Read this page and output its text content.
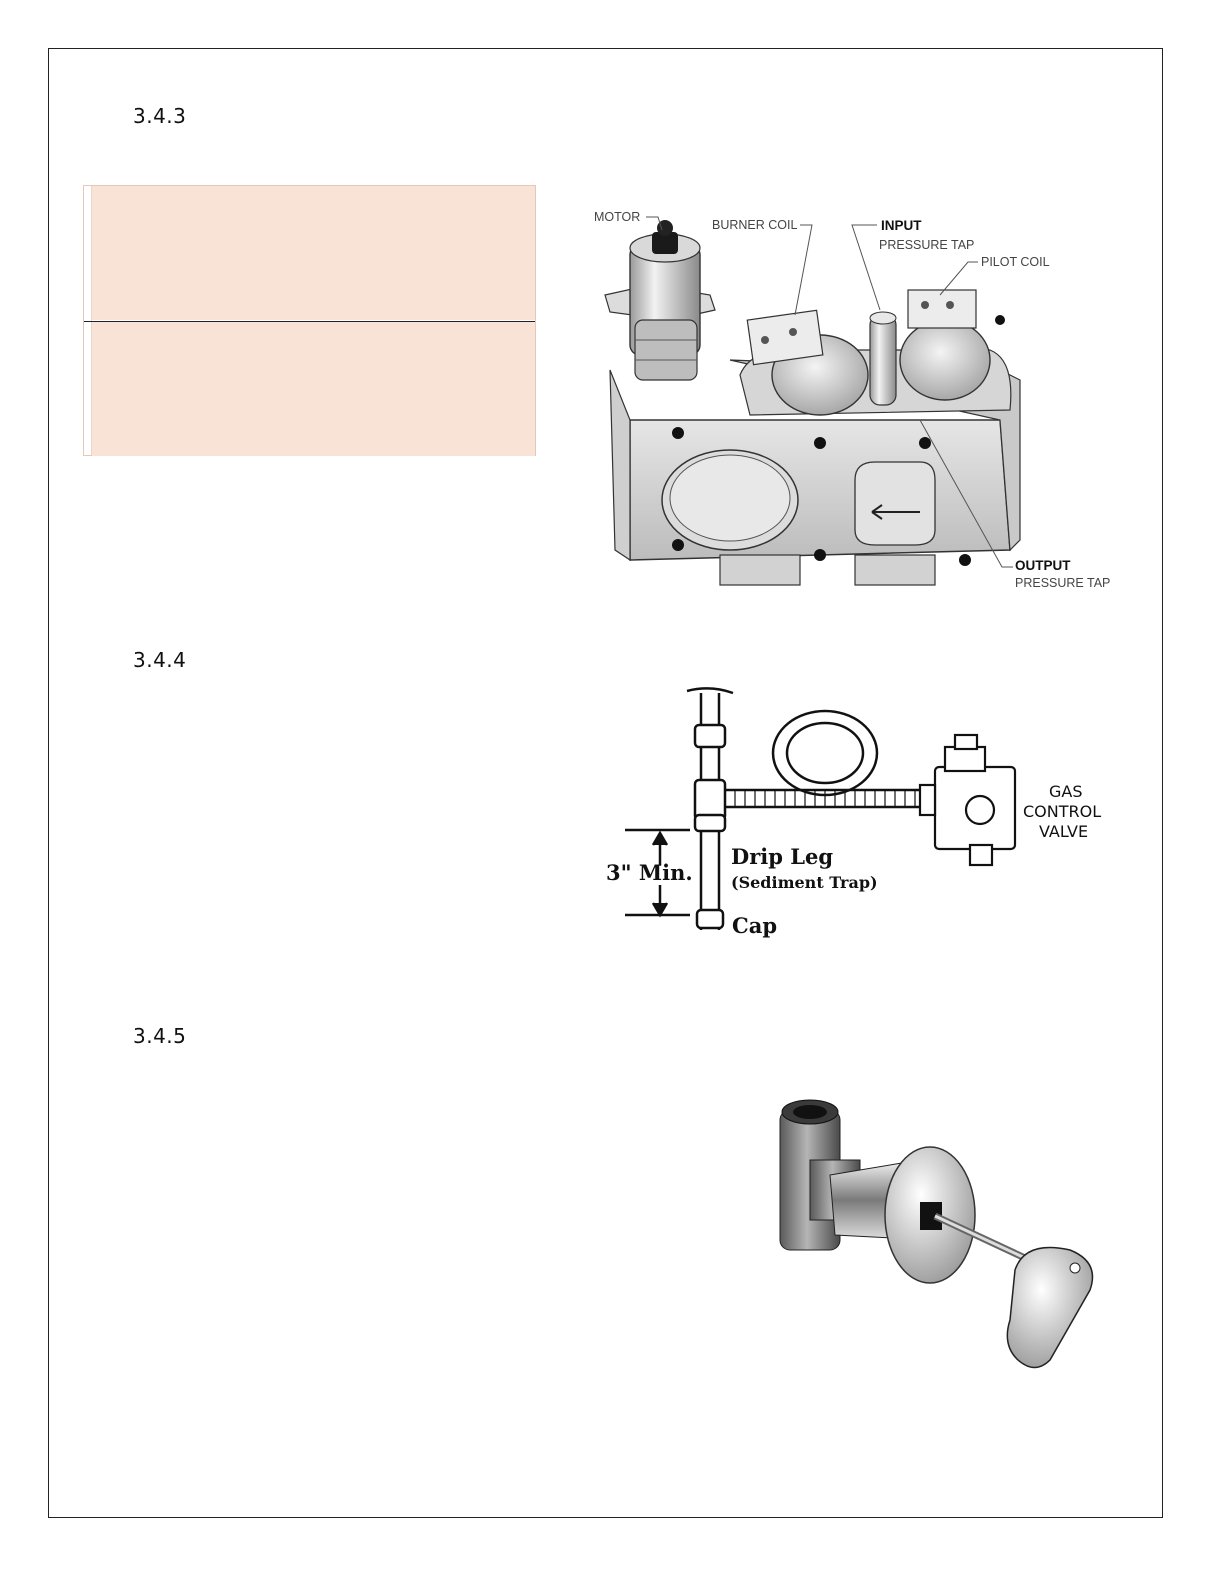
3.4.3
3.4.4
3.4.5
MOTOR
BURNER COIL	INPUT
PRESSURE TAP
PILOT COIL
OUTPUT
PRESSURE TAP
Drip Leg
(Sediment Trap)
Cap
3" Min.
GAS
CONTROL
VALVE
